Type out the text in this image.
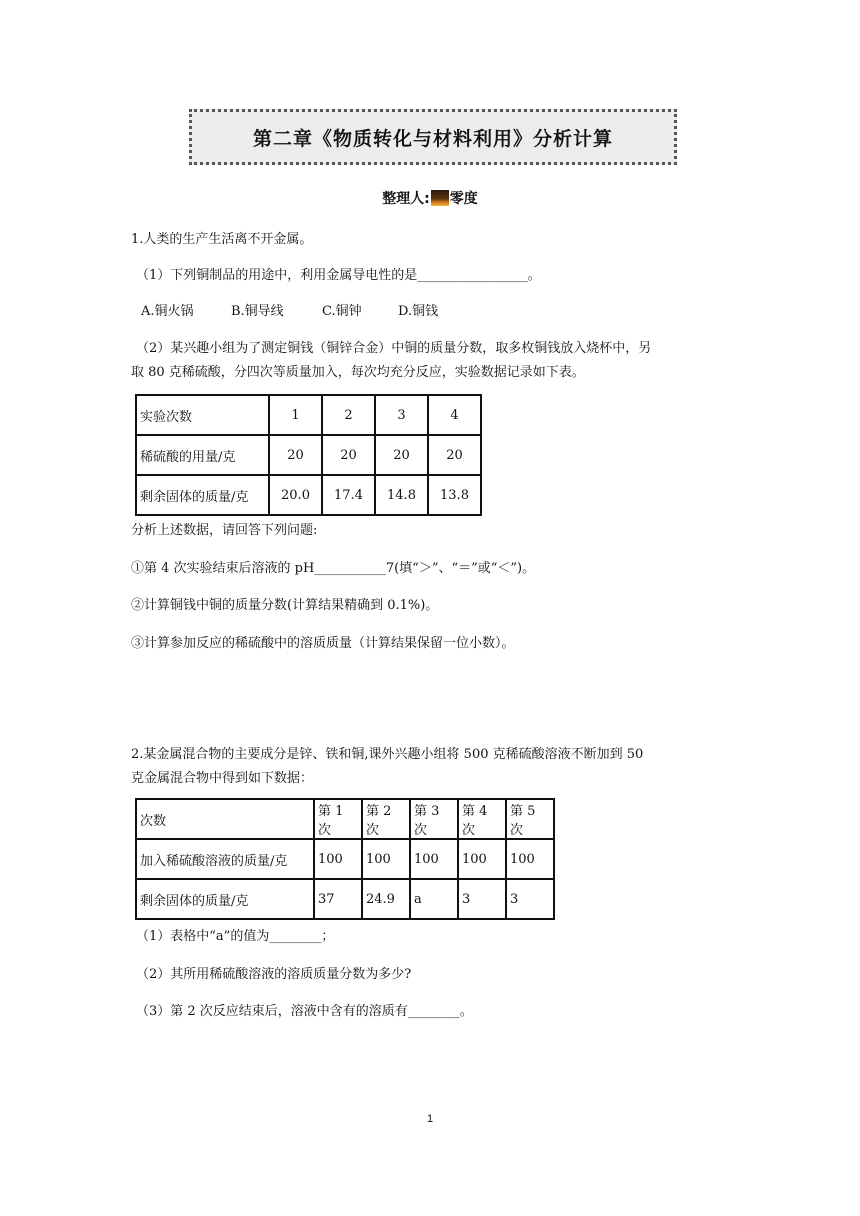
第二章《物质转化与材料利用》分析计算
整理人: 零度
1.人类的生产生活离不开金属。
（1）下列铜制品的用途中，利用金属导电性的是_________________。
A.铜火锅	B.铜导线	C.铜钟	D.铜钱
（2）某兴趣小组为了测定铜钱（铜锌合金）中铜的质量分数，取多枚铜钱放入烧杯中，另
取 80 克稀硫酸，分四次等质量加入，每次均充分反应，实验数据记录如下表。
实验次数	1	2	3	4
稀硫酸的用量/克	20	20	20	20
剩余固体的质量/克	20.0	17.4	14.8	13.8
分析上述数据，请回答下列问题:
①第 4 次实验结束后溶液的 pH___________7(填“＞”、“＝”或“＜”)。
②计算铜钱中铜的质量分数(计算结果精确到 0.1%)。
③计算参加反应的稀硫酸中的溶质质量（计算结果保留一位小数）。
2.某金属混合物的主要成分是锌、铁和铜,课外兴趣小组将 500 克稀硫酸溶液不断加到 50
克金属混合物中得到如下数据：
次数	第 1 次	第 2 次	第 3 次	第 4 次	第 5 次
加入稀硫酸溶液的质量/克	100	100	100	100	100
剩余固体的质量/克	37	24.9	a	3	3
（1）表格中“a”的值为________；
（2）其所用稀硫酸溶液的溶质质量分数为多少?
（3）第 2 次反应结束后，溶液中含有的溶质有________。
1
